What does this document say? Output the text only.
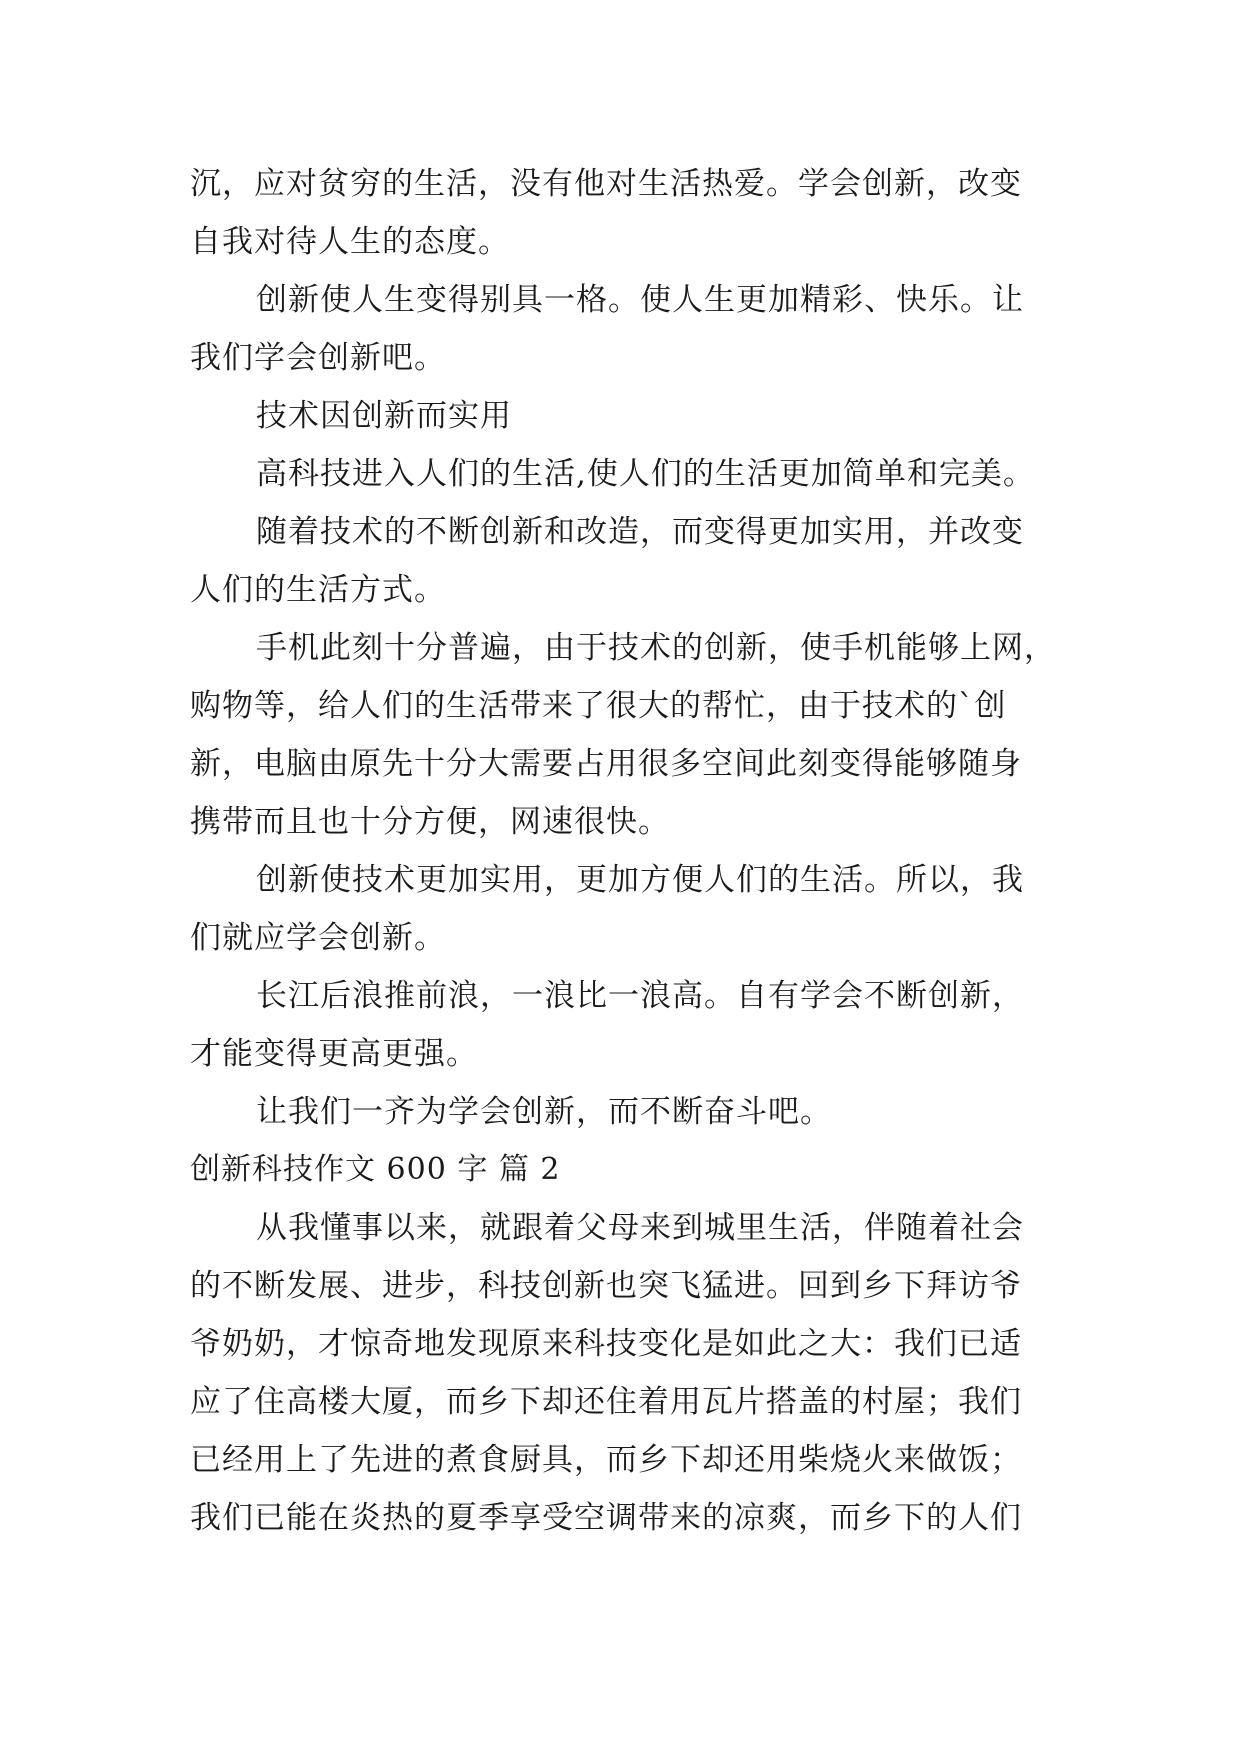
沉，应对贫穷的生活，没有他对生活热爱。学会创新，改变
自我对待人生的态度。
创新使人生变得别具一格。使人生更加精彩、快乐。让
我们学会创新吧。
技术因创新而实用
高科技进入人们的生活,使人们的生活更加简单和完美。
随着技术的不断创新和改造，而变得更加实用，并改变
人们的生活方式。
手机此刻十分普遍，由于技术的创新，使手机能够上网，
购物等，给人们的生活带来了很大的帮忙，由于技术的`创
新，电脑由原先十分大需要占用很多空间此刻变得能够随身
携带而且也十分方便，网速很快。
创新使技术更加实用，更加方便人们的生活。所以，我
们就应学会创新。
长江后浪推前浪，一浪比一浪高。自有学会不断创新，
才能变得更高更强。
让我们一齐为学会创新，而不断奋斗吧。
创新科技作文 600 字 篇 2
从我懂事以来，就跟着父母来到城里生活，伴随着社会
的不断发展、进步，科技创新也突飞猛进。回到乡下拜访爷
爷奶奶，才惊奇地发现原来科技变化是如此之大：我们已适
应了住高楼大厦，而乡下却还住着用瓦片搭盖的村屋；我们
已经用上了先进的煮食厨具，而乡下却还用柴烧火来做饭；
我们已能在炎热的夏季享受空调带来的凉爽，而乡下的人们
